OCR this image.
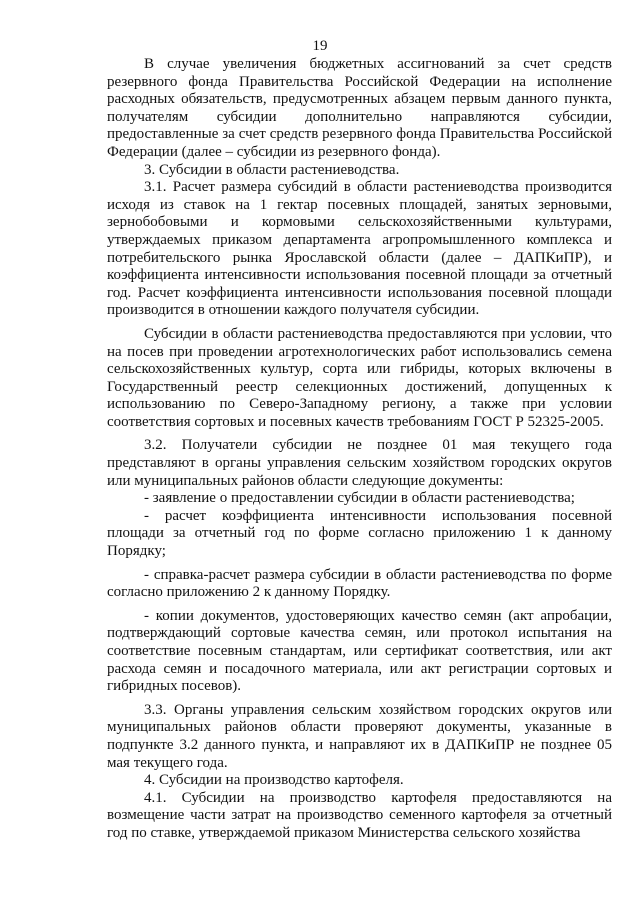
19

В случае увеличения бюджетных ассигнований за счет средств резервного фонда Правительства Российской Федерации на исполнение расходных обязательств, предусмотренных абзацем первым данного пункта, получателям субсидии дополнительно направляются субсидии, предоставленные за счет средств резервного фонда Правительства Российской Федерации (далее – субсидии из резервного фонда).

3. Субсидии в области растениеводства.

3.1. Расчет размера субсидий в области растениеводства производится исходя из ставок на 1 гектар посевных площадей, занятых зерновыми, зернобобовыми и кормовыми сельскохозяйственными культурами, утверждаемых приказом департамента агропромышленного комплекса и потребительского рынка Ярославской области (далее – ДАПКиПР), и коэффициента интенсивности использования посевной площади за отчетный год. Расчет коэффициента интенсивности использования посевной площади производится в отношении каждого получателя субсидии.

Субсидии в области растениеводства предоставляются при условии, что на посев при проведении агротехнологических работ использовались семена сельскохозяйственных культур, сорта или гибриды, которых включены в Государственный реестр селекционных достижений, допущенных к использованию по Северо-Западному региону, а также при условии соответствия сортовых и посевных качеств требованиям ГОСТ Р 52325-2005.

3.2. Получатели субсидии не позднее 01 мая текущего года представляют в органы управления сельским хозяйством городских округов или муниципальных районов области следующие документы:

- заявление о предоставлении субсидии в области растениеводства;

- расчет коэффициента интенсивности использования посевной площади за отчетный год по форме согласно приложению 1 к данному Порядку;

- справка-расчет размера субсидии в области растениеводства по форме согласно приложению 2 к данному Порядку.

- копии документов, удостоверяющих качество семян (акт апробации, подтверждающий сортовые качества семян, или протокол испытания на соответствие посевным стандартам, или сертификат соответствия, или акт расхода семян и посадочного материала, или акт регистрации сортовых и гибридных посевов).

3.3. Органы управления сельским хозяйством городских округов или муниципальных районов области проверяют документы, указанные в подпункте 3.2 данного пункта, и направляют их в ДАПКиПР не позднее 05 мая текущего года.

4. Субсидии на производство картофеля.

4.1. Субсидии на производство картофеля предоставляются на возмещение части затрат на производство семенного картофеля за отчетный год по ставке, утверждаемой приказом Министерства сельского хозяйства
